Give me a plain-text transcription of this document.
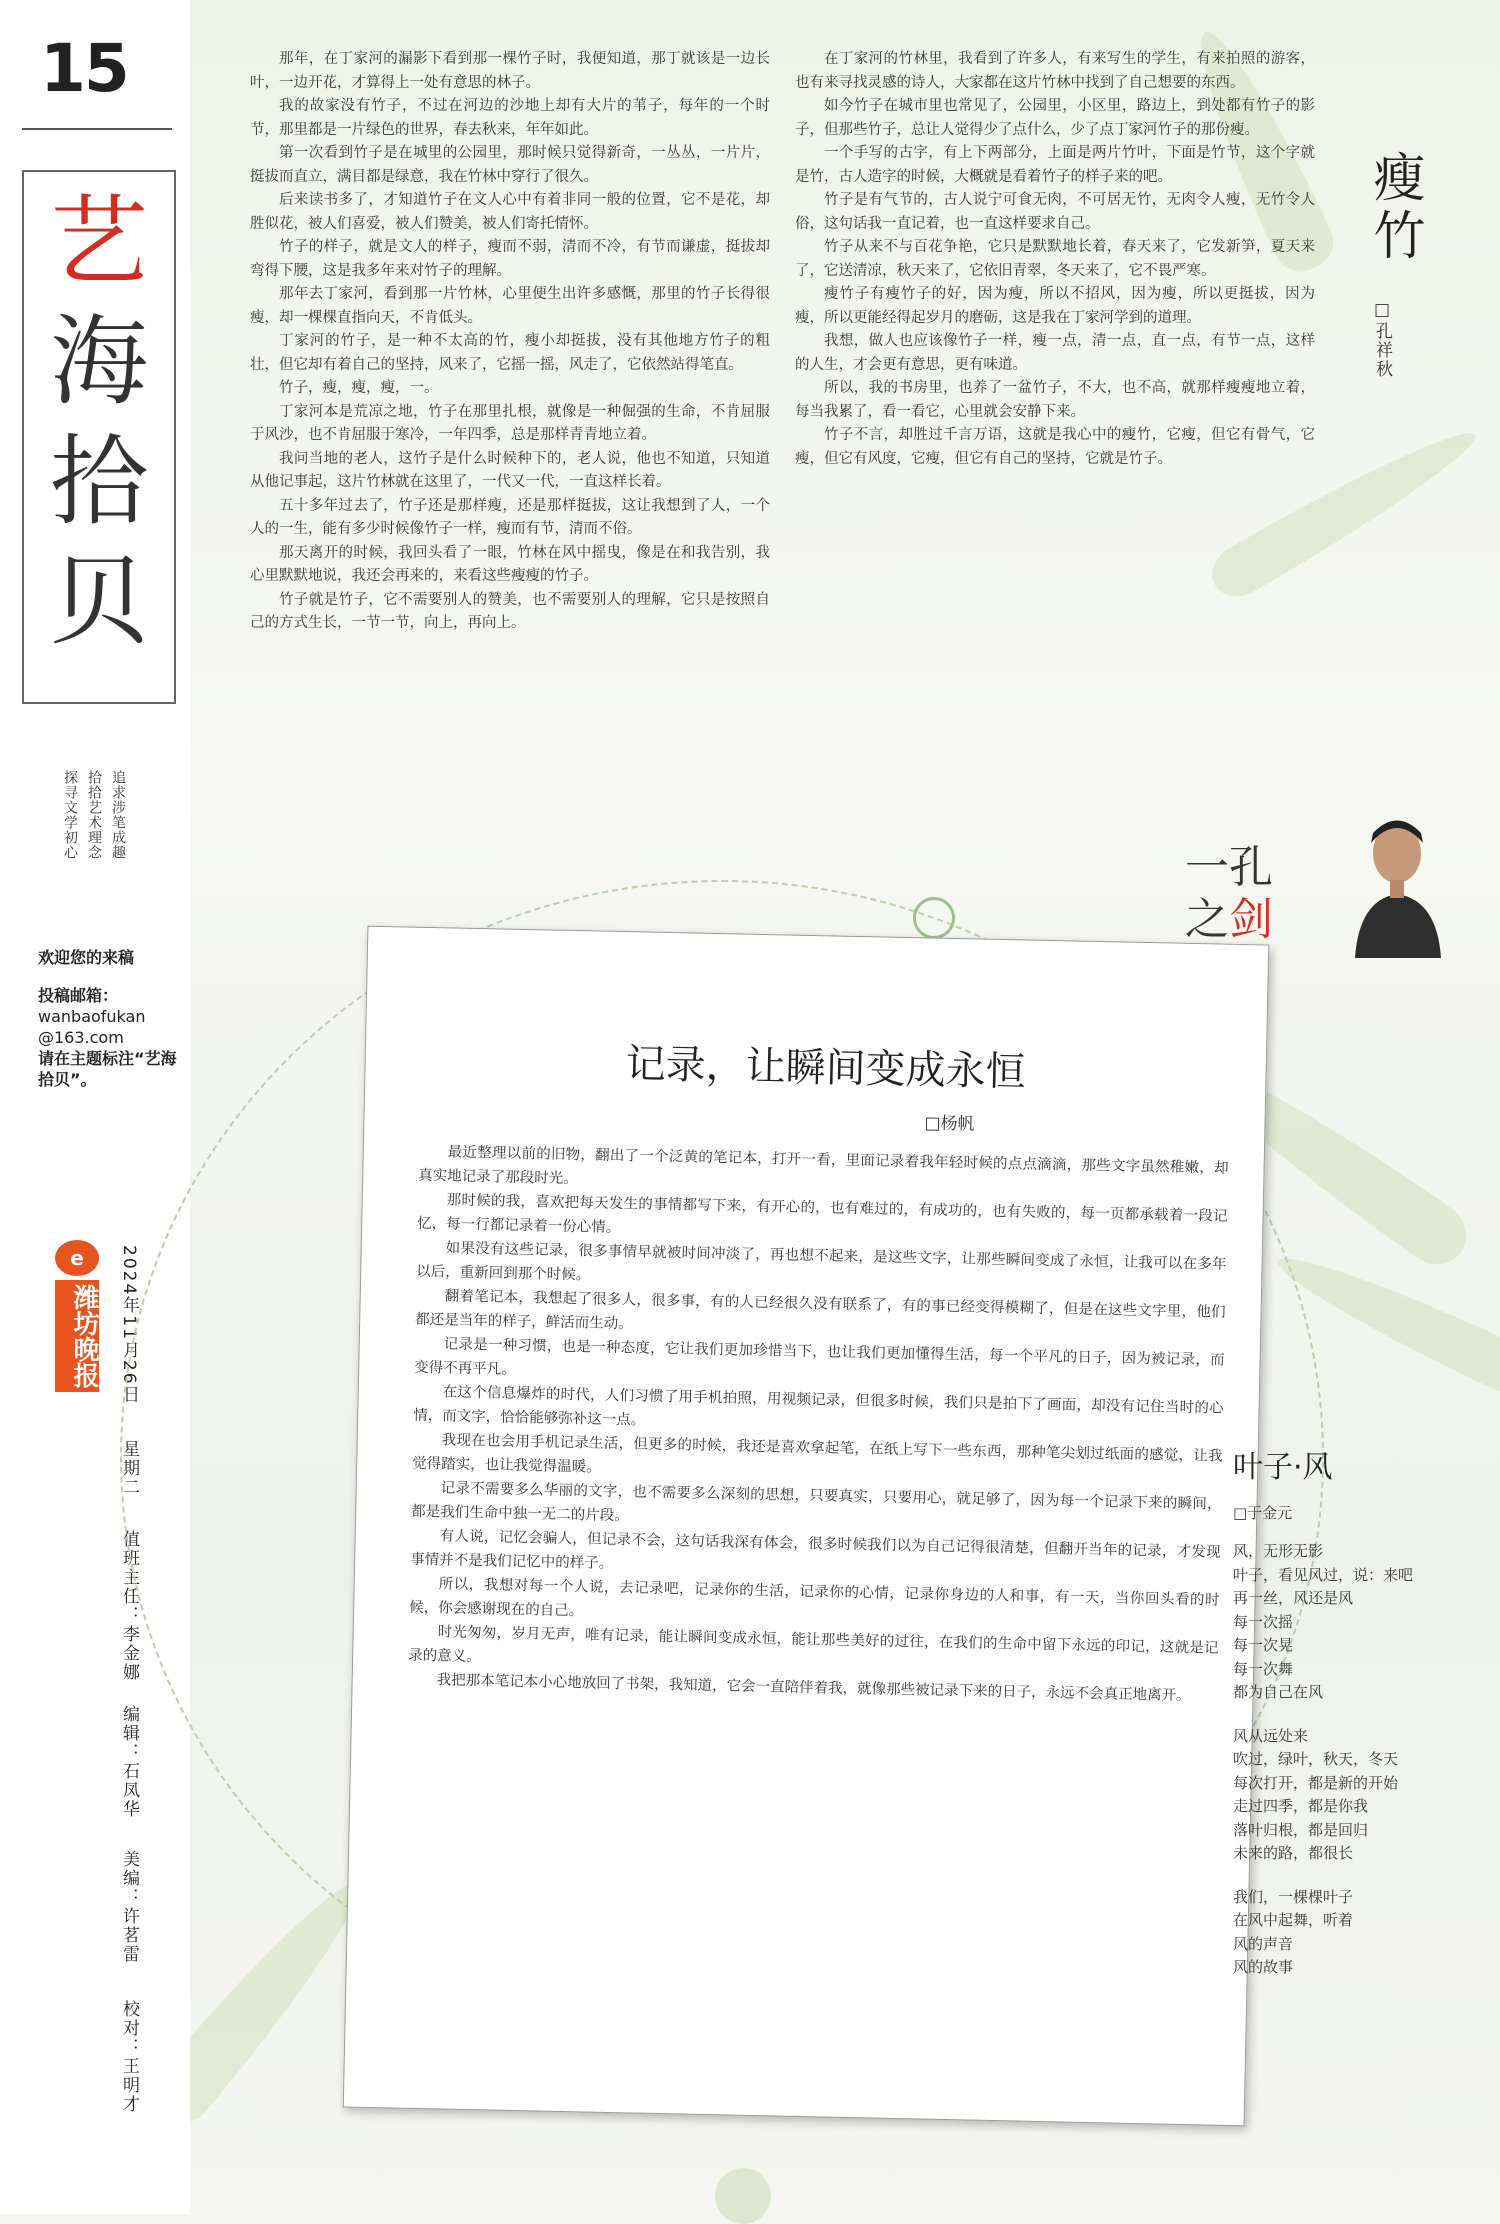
15
艺
海
拾
贝
追求涉笔成趣
拾拾艺术理念
探寻文学初心
欢迎您的来稿
投稿邮箱：
wanbaofukan
@163.com
请在主题标注“艺海拾贝”。
e
潍坊晚报 2024年11月26日
星期二
值班主任：李金娜
编辑：石凤华
美编：许茗雷
校对：王明才

那年，在丁家河的漏影下看到那一棵竹子时，我便知道，那丁就该是一边长叶，一边开花，才算得上一处有意思的林子。

我的故家没有竹子，不过在河边的沙地上却有大片的苇子，每年的一个时节，那里都是一片绿色的世界，春去秋来，年年如此。

第一次看到竹子是在城里的公园里，那时候只觉得新奇，一丛丛，一片片，挺拔而直立，满目都是绿意，我在竹林中穿行了很久。

后来读书多了，才知道竹子在文人心中有着非同一般的位置，它不是花，却胜似花，被人们喜爱，被人们赞美，被人们寄托情怀。

竹子的样子，就是文人的样子，瘦而不弱，清而不冷，有节而谦虚，挺拔却弯得下腰，这是我多年来对竹子的理解。

那年去丁家河，看到那一片竹林，心里便生出许多感慨，那里的竹子长得很瘦，却一棵棵直指向天，不肯低头。

丁家河的竹子，是一种不太高的竹，瘦小却挺拔，没有其他地方竹子的粗壮，但它却有着自己的坚持，风来了，它摇一摇，风走了，它依然站得笔直。

竹子，瘦，瘦，瘦，一。

丁家河本是荒凉之地，竹子在那里扎根，就像是一种倔强的生命，不肯屈服于风沙，也不肯屈服于寒冷，一年四季，总是那样青青地立着。

我问当地的老人，这竹子是什么时候种下的，老人说，他也不知道，只知道从他记事起，这片竹林就在这里了，一代又一代，一直这样长着。

五十多年过去了，竹子还是那样瘦，还是那样挺拔，这让我想到了人，一个人的一生，能有多少时候像竹子一样，瘦而有节，清而不俗。

那天离开的时候，我回头看了一眼，竹林在风中摇曳，像是在和我告别，我心里默默地说，我还会再来的，来看这些瘦瘦的竹子。

竹子就是竹子，它不需要别人的赞美，也不需要别人的理解，它只是按照自己的方式生长，一节一节，向上，再向上。

在丁家河的竹林里，我看到了许多人，有来写生的学生，有来拍照的游客，也有来寻找灵感的诗人，大家都在这片竹林中找到了自己想要的东西。

如今竹子在城市里也常见了，公园里，小区里，路边上，到处都有竹子的影子，但那些竹子，总让人觉得少了点什么，少了点丁家河竹子的那份瘦。

一个手写的古字，有上下两部分，上面是两片竹叶，下面是竹节，这个字就是竹，古人造字的时候，大概就是看着竹子的样子来的吧。

竹子是有气节的，古人说宁可食无肉，不可居无竹，无肉令人瘦，无竹令人俗，这句话我一直记着，也一直这样要求自己。

竹子从来不与百花争艳，它只是默默地长着，春天来了，它发新笋，夏天来了，它送清凉，秋天来了，它依旧青翠，冬天来了，它不畏严寒。

瘦竹子有瘦竹子的好，因为瘦，所以不招风，因为瘦，所以更挺拔，因为瘦，所以更能经得起岁月的磨砺，这是我在丁家河学到的道理。

我想，做人也应该像竹子一样，瘦一点，清一点，直一点，有节一点，这样的人生，才会更有意思，更有味道。

所以，我的书房里，也养了一盆竹子，不大，也不高，就那样瘦瘦地立着，每当我累了，看一看它，心里就会安静下来。

竹子不言，却胜过千言万语，这就是我心中的瘦竹，它瘦，但它有骨气，它瘦，但它有风度，它瘦，但它有自己的坚持，它就是竹子。

瘦竹
□孔祥秋
一孔
之剑
记录，让瞬间变成永恒
□杨帆

最近整理以前的旧物，翻出了一个泛黄的笔记本，打开一看，里面记录着我年轻时候的点点滴滴，那些文字虽然稚嫩，却真实地记录了那段时光。

那时候的我，喜欢把每天发生的事情都写下来，有开心的，也有难过的，有成功的，也有失败的，每一页都承载着一段记忆，每一行都记录着一份心情。

如果没有这些记录，很多事情早就被时间冲淡了，再也想不起来，是这些文字，让那些瞬间变成了永恒，让我可以在多年以后，重新回到那个时候。

翻着笔记本，我想起了很多人，很多事，有的人已经很久没有联系了，有的事已经变得模糊了，但是在这些文字里，他们都还是当年的样子，鲜活而生动。

记录是一种习惯，也是一种态度，它让我们更加珍惜当下，也让我们更加懂得生活，每一个平凡的日子，因为被记录，而变得不再平凡。

在这个信息爆炸的时代，人们习惯了用手机拍照，用视频记录，但很多时候，我们只是拍下了画面，却没有记住当时的心情，而文字，恰恰能够弥补这一点。

我现在也会用手机记录生活，但更多的时候，我还是喜欢拿起笔，在纸上写下一些东西，那种笔尖划过纸面的感觉，让我觉得踏实，也让我觉得温暖。

记录不需要多么华丽的文字，也不需要多么深刻的思想，只要真实，只要用心，就足够了，因为每一个记录下来的瞬间，都是我们生命中独一无二的片段。

有人说，记忆会骗人，但记录不会，这句话我深有体会，很多时候我们以为自己记得很清楚，但翻开当年的记录，才发现事情并不是我们记忆中的样子。

所以，我想对每一个人说，去记录吧，记录你的生活，记录你的心情，记录你身边的人和事，有一天，当你回头看的时候，你会感谢现在的自己。

时光匆匆，岁月无声，唯有记录，能让瞬间变成永恒，能让那些美好的过往，在我们的生命中留下永远的印记，这就是记录的意义。

我把那本笔记本小心地放回了书架，我知道，它会一直陪伴着我，就像那些被记录下来的日子，永远不会真正地离开。

叶子·风
□于金元
风，无形无影
叶子，看见风过，说：来吧
再一丝，风还是风
每一次摇
每一次晃
每一次舞
都为自己在风
风从远处来
吹过，绿叶，秋天，冬天
每次打开，都是新的开始
走过四季，都是你我
落叶归根，都是回归
未来的路，都很长
我们，一棵棵叶子
在风中起舞，听着
风的声音
风的故事
